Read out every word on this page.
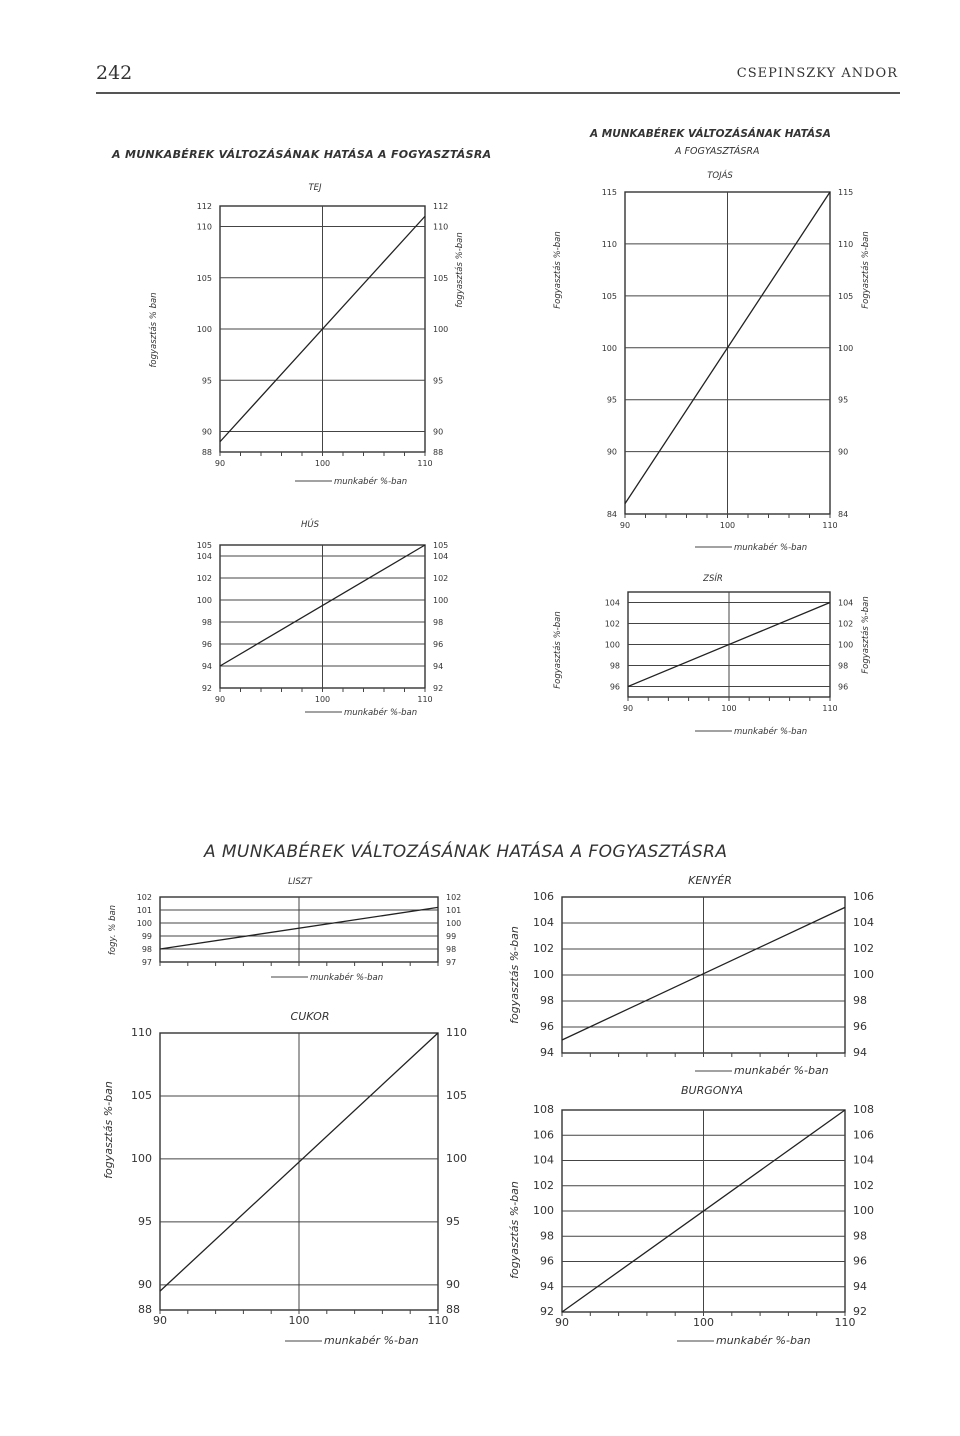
242	CSEPINSZKY ANDOR
A MUNKABÉREK VÁLTOZÁSÁNAK HATÁSA A FOGYASZTÁSRA
A MUNKABÉREK VÁLTOZÁSÁNAK HATÁSA
A FOGYASZTÁSRA
A MUNKABÉREK VÁLTOZÁSÁNAK HATÁSA A FOGYASZTÁSRA
88	88
90	90
95	95
100	100
105	105
110	110
112	112
90	100	110
TEJ
munkabér %-ban
fogyasztás % ban
fogyasztás %-ban
84	84
90	90
95	95
100	100
105	105
110	110
115	115
90	100	110
TOJÁS
munkabér %-ban
Fogyasztás %-ban	Fogyasztás %-ban
92	92
94	94
96	96
98	98
100	100
102	102
104	104
105	105
90	100	110
HÚS
munkabér %-ban
96	96
98	98
100	100
102	102
104	104
90	100	110
ZSÍR
munkabér %-ban
Fogyasztás %-ban	Fogyasztás %-ban
97	97
98	98
99	99
100	100
101	101
102	102
LISZT
munkabér %-ban
fogy. % ban
94	94
96	96
98	98
100	100
102	102
104	104
106	106
KENYÉR
munkabér %-ban
fogyasztás %-ban
88	88
90	90
95	95
100	100
105	105
110	110
90	100	110
CUKOR
munkabér %-ban
fogyasztás %-ban
92	92
94	94
96	96
98	98
100	100
102	102
104	104
106	106
108	108
90	100	110
BURGONYA
munkabér %-ban
fogyasztás %-ban
